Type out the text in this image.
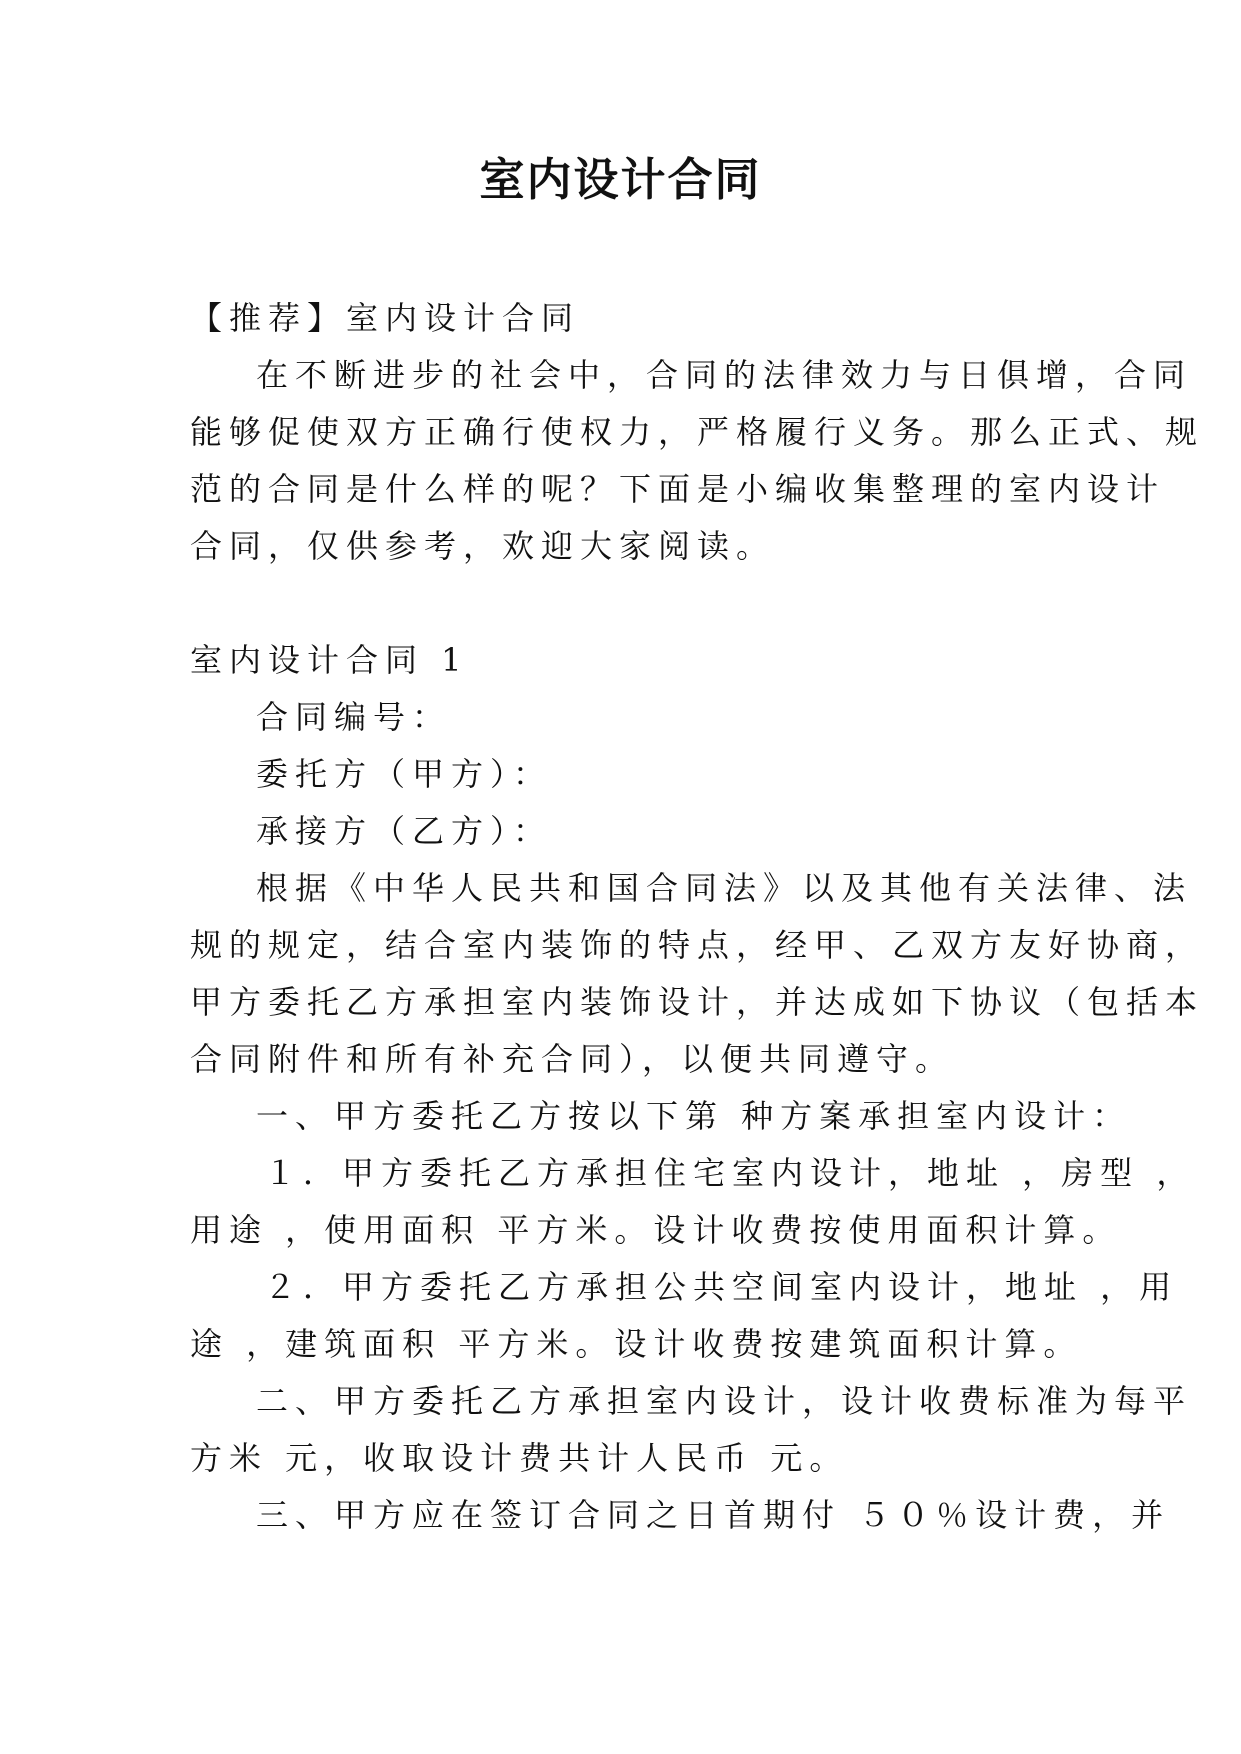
室内设计合同
【推荐】室内设计合同
在不断进步的社会中，合同的法律效力与日俱增，合同
能够促使双方正确行使权力，严格履行义务。那么正式、规
范的合同是什么样的呢？下面是小编收集整理的室内设计
合同，仅供参考，欢迎大家阅读。
室内设计合同 1
合同编号：
委托方（甲方）：
承接方（乙方）：
根据《中华人民共和国合同法》以及其他有关法律、法
规的规定，结合室内装饰的特点，经甲、乙双方友好协商，
甲方委托乙方承担室内装饰设计，并达成如下协议（包括本
合同附件和所有补充合同），以便共同遵守。
一、甲方委托乙方按以下第 种方案承担室内设计：
１．甲方委托乙方承担住宅室内设计，地址 ，房型 ，
用途 ，使用面积 平方米。设计收费按使用面积计算。
２．甲方委托乙方承担公共空间室内设计，地址 ，用
途 ，建筑面积 平方米。设计收费按建筑面积计算。
二、甲方委托乙方承担室内设计，设计收费标准为每平
方米 元，收取设计费共计人民币 元。
三、甲方应在签订合同之日首期付 ５０％设计费，并
